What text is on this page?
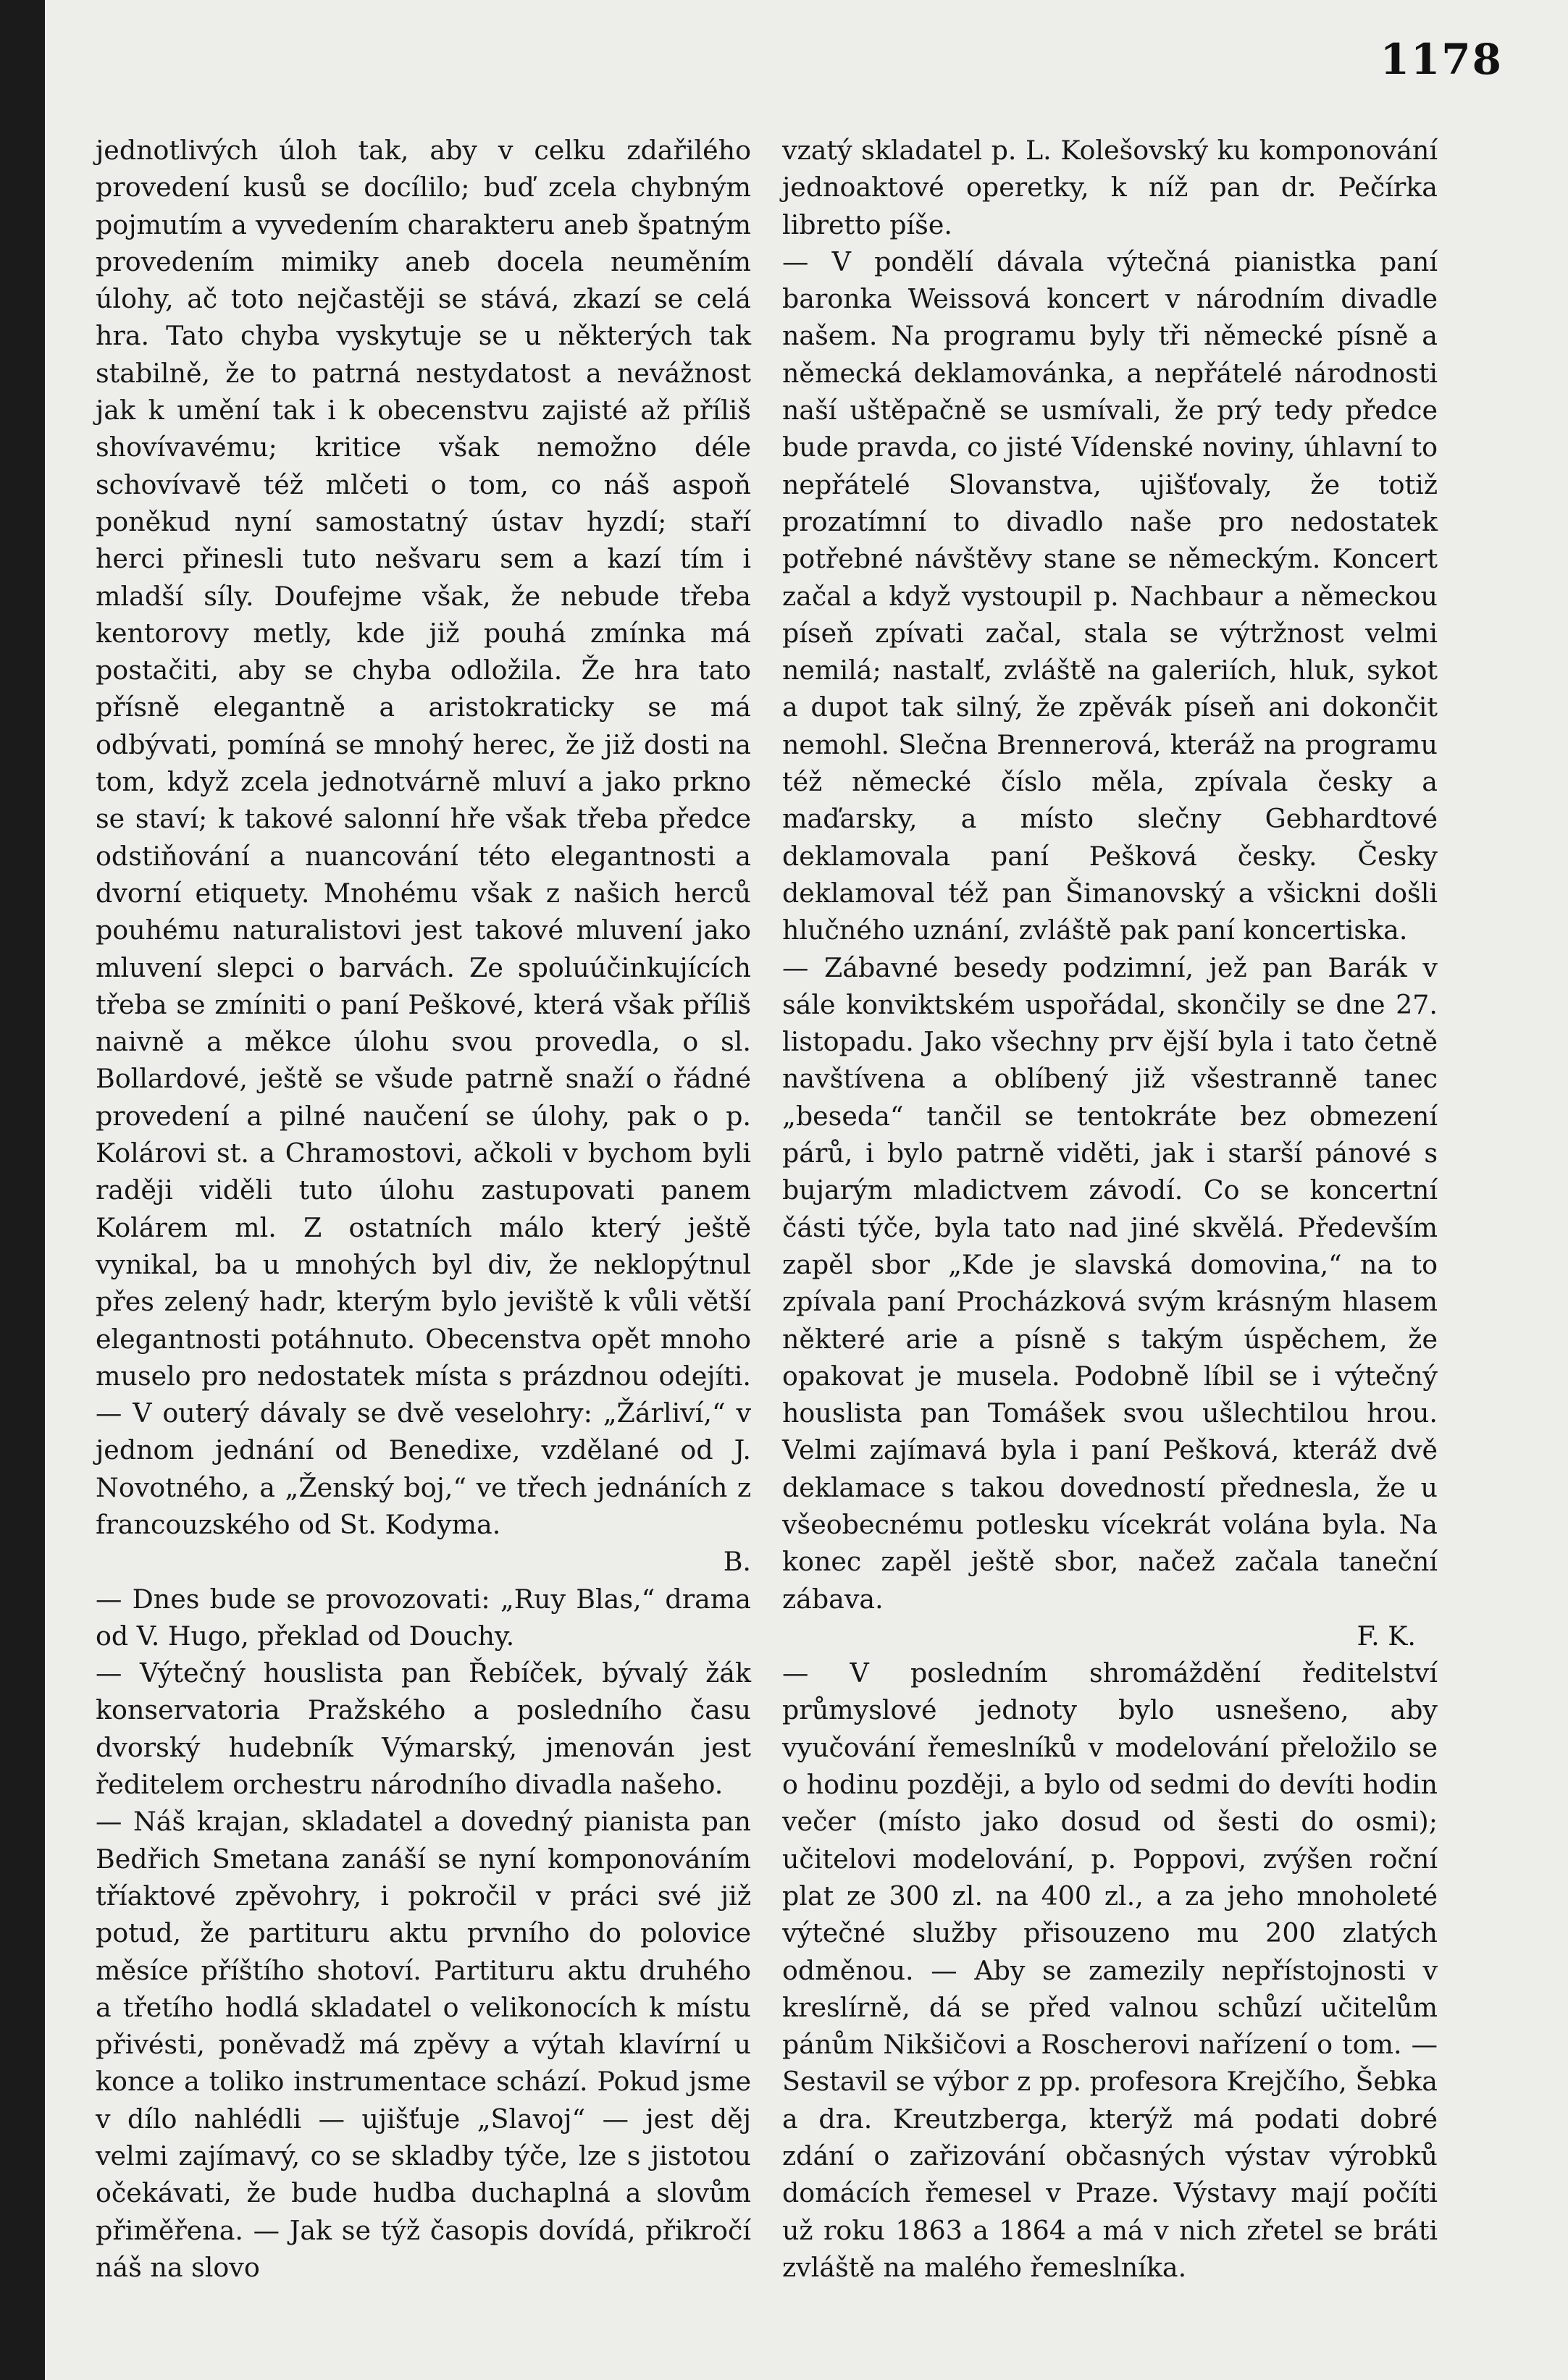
1178

jednotlivých úloh tak, aby v celku zdařilého provedení kusů se docílilo; buď zcela chybným pojmutím a vyvedením charakteru aneb špatným provedením mimiky aneb docela neuměním úlohy, ač toto nejčastěji se stává, zkazí se celá hra. Tato chyba vyskytuje se u některých tak stabilně, že to patrná nestydatost a nevážnost jak k umění tak i k obecenstvu zajisté až příliš shovívavému; kritice však nemožno déle schovívavě též mlčeti o tom, co náš aspoň poněkud nyní samostatný ústav hyzdí; staří herci přinesli tuto nešvaru sem a kazí tím i mladší síly. Doufejme však, že nebude třeba kentorovy metly, kde již pouhá zmínka má postačiti, aby se chyba odložila. Že hra tato přísně elegantně a aristokraticky se má odbývati, pomíná se mnohý herec, že již dosti na tom, když zcela jednotvárně mluví a jako prkno se staví; k takové salonní hře však třeba předce odstiňování a nuancování této elegantnosti a dvorní etiquety. Mnohému však z našich herců pouhému naturalistovi jest takové mluvení jako mluvení slepci o barvách. Ze spoluúčinkujících třeba se zmíniti o paní Peškové, která však příliš naivně a měkce úlohu svou provedla, o sl. Bollardové, ještě se všude patrně snaží o řádné provedení a pilné naučení se úlohy, pak o p. Kolárovi st. a Chramostovi, ačkoli v bychom byli raději viděli tuto úlohu zastupovati panem Kolárem ml. Z ostatních málo který ještě vynikal, ba u mnohých byl div, že neklopýtnul přes zelený hadr, kterým bylo jeviště k vůli větší elegantnosti potáhnuto. Obecenstva opět mnoho muselo pro nedostatek místa s prázdnou odejíti. — V outerý dávaly se dvě veselohry: „Žárliví,“ v jednom jednání od Benedixe, vzdělané od J. Novotného, a „Ženský boj,“ ve třech jednáních z francouzského od St. Kodyma.

B.

— Dnes bude se provozovati: „Ruy Blas,“ drama od V. Hugo, překlad od Douchy.

— Výtečný houslista pan Řebíček, bývalý žák konservatoria Pražského a posledního času dvorský hudebník Výmarský, jmenován jest ředitelem orchestru národního divadla našeho.

— Náš krajan, skladatel a dovedný pianista pan Bedřich Smetana zanáší se nyní komponováním tříaktové zpěvohry, i pokročil v práci své již potud, že partituru aktu prvního do polovice měsíce příštího shotoví. Partituru aktu druhého a třetího hodlá skladatel o velikonocích k místu přivésti, poněvadž má zpěvy a výtah klavírní u konce a toliko instrumentace schází. Pokud jsme v dílo nahlédli — ujišťuje „Slavoj“ — jest děj velmi zajímavý, co se skladby týče, lze s jistotou očekávati, že bude hudba duchaplná a slovům přiměřena. — Jak se týž časopis dovídá, přikročí náš na slovo

vzatý skladatel p. L. Kolešovský ku komponování jednoaktové operetky, k níž pan dr. Pečírka libretto píše.

— V pondělí dávala výtečná pianistka paní baronka Weissová koncert v národním divadle našem. Na programu byly tři německé písně a německá deklamovánka, a nepřátelé národnosti naší uštěpačně se usmívali, že prý tedy předce bude pravda, co jisté Vídenské noviny, úhlavní to nepřátelé Slovanstva, ujišťovaly, že totiž prozatímní to divadlo naše pro nedostatek potřebné návštěvy stane se německým. Koncert začal a když vystoupil p. Nachbaur a německou píseň zpívati začal, stala se výtržnost velmi nemilá; nastalť, zvláště na galeriích, hluk, sykot a dupot tak silný, že zpěvák píseň ani dokončit nemohl. Slečna Brennerová, kteráž na programu též německé číslo měla, zpívala česky a maďarsky, a místo slečny Gebhardtové deklamovala paní Pešková česky. Česky deklamoval též pan Šimanovský a všickni došli hlučného uznání, zvláště pak paní koncertiska.

— Zábavné besedy podzimní, jež pan Barák v sále konviktském uspořádal, skončily se dne 27. listopadu. Jako všechny prv ější byla i tato četně navštívena a oblíbený již všestranně tanec „beseda“ tančil se tentokráte bez obmezení párů, i bylo patrně viděti, jak i starší pánové s bujarým mladictvem závodí. Co se koncertní části týče, byla tato nad jiné skvělá. Především zapěl sbor „Kde je slavská domovina,“ na to zpívala paní Procházková svým krásným hlasem některé arie a písně s takým úspěchem, že opakovat je musela. Podobně líbil se i výtečný houslista pan Tomášek svou ušlechtilou hrou. Velmi zajímavá byla i paní Pešková, kteráž dvě deklamace s takou dovedností přednesla, že u všeobecnému potlesku vícekrát volána byla. Na konec zapěl ještě sbor, načež začala taneční zábava.

F. K.

— V posledním shromáždění ředitelství průmyslové jednoty bylo usnešeno, aby vyučování řemeslníků v modelování přeložilo se o hodinu později, a bylo od sedmi do devíti hodin večer (místo jako dosud od šesti do osmi); učitelovi modelování, p. Poppovi, zvýšen roční plat ze 300 zl. na 400 zl., a za jeho mnoholeté výtečné služby přisouzeno mu 200 zlatých odměnou. — Aby se zamezily nepřístojnosti v kreslírně, dá se před valnou schůzí učitelům pánům Nikšičovi a Roscherovi nařízení o tom. — Sestavil se výbor z pp. profesora Krejčího, Šebka a dra. Kreutzberga, kterýž má podati dobré zdání o zařizování občasných výstav výrobků domácích řemesel v Praze. Výstavy mají počíti už roku 1863 a 1864 a má v nich zřetel se bráti zvláště na malého řemeslníka.
